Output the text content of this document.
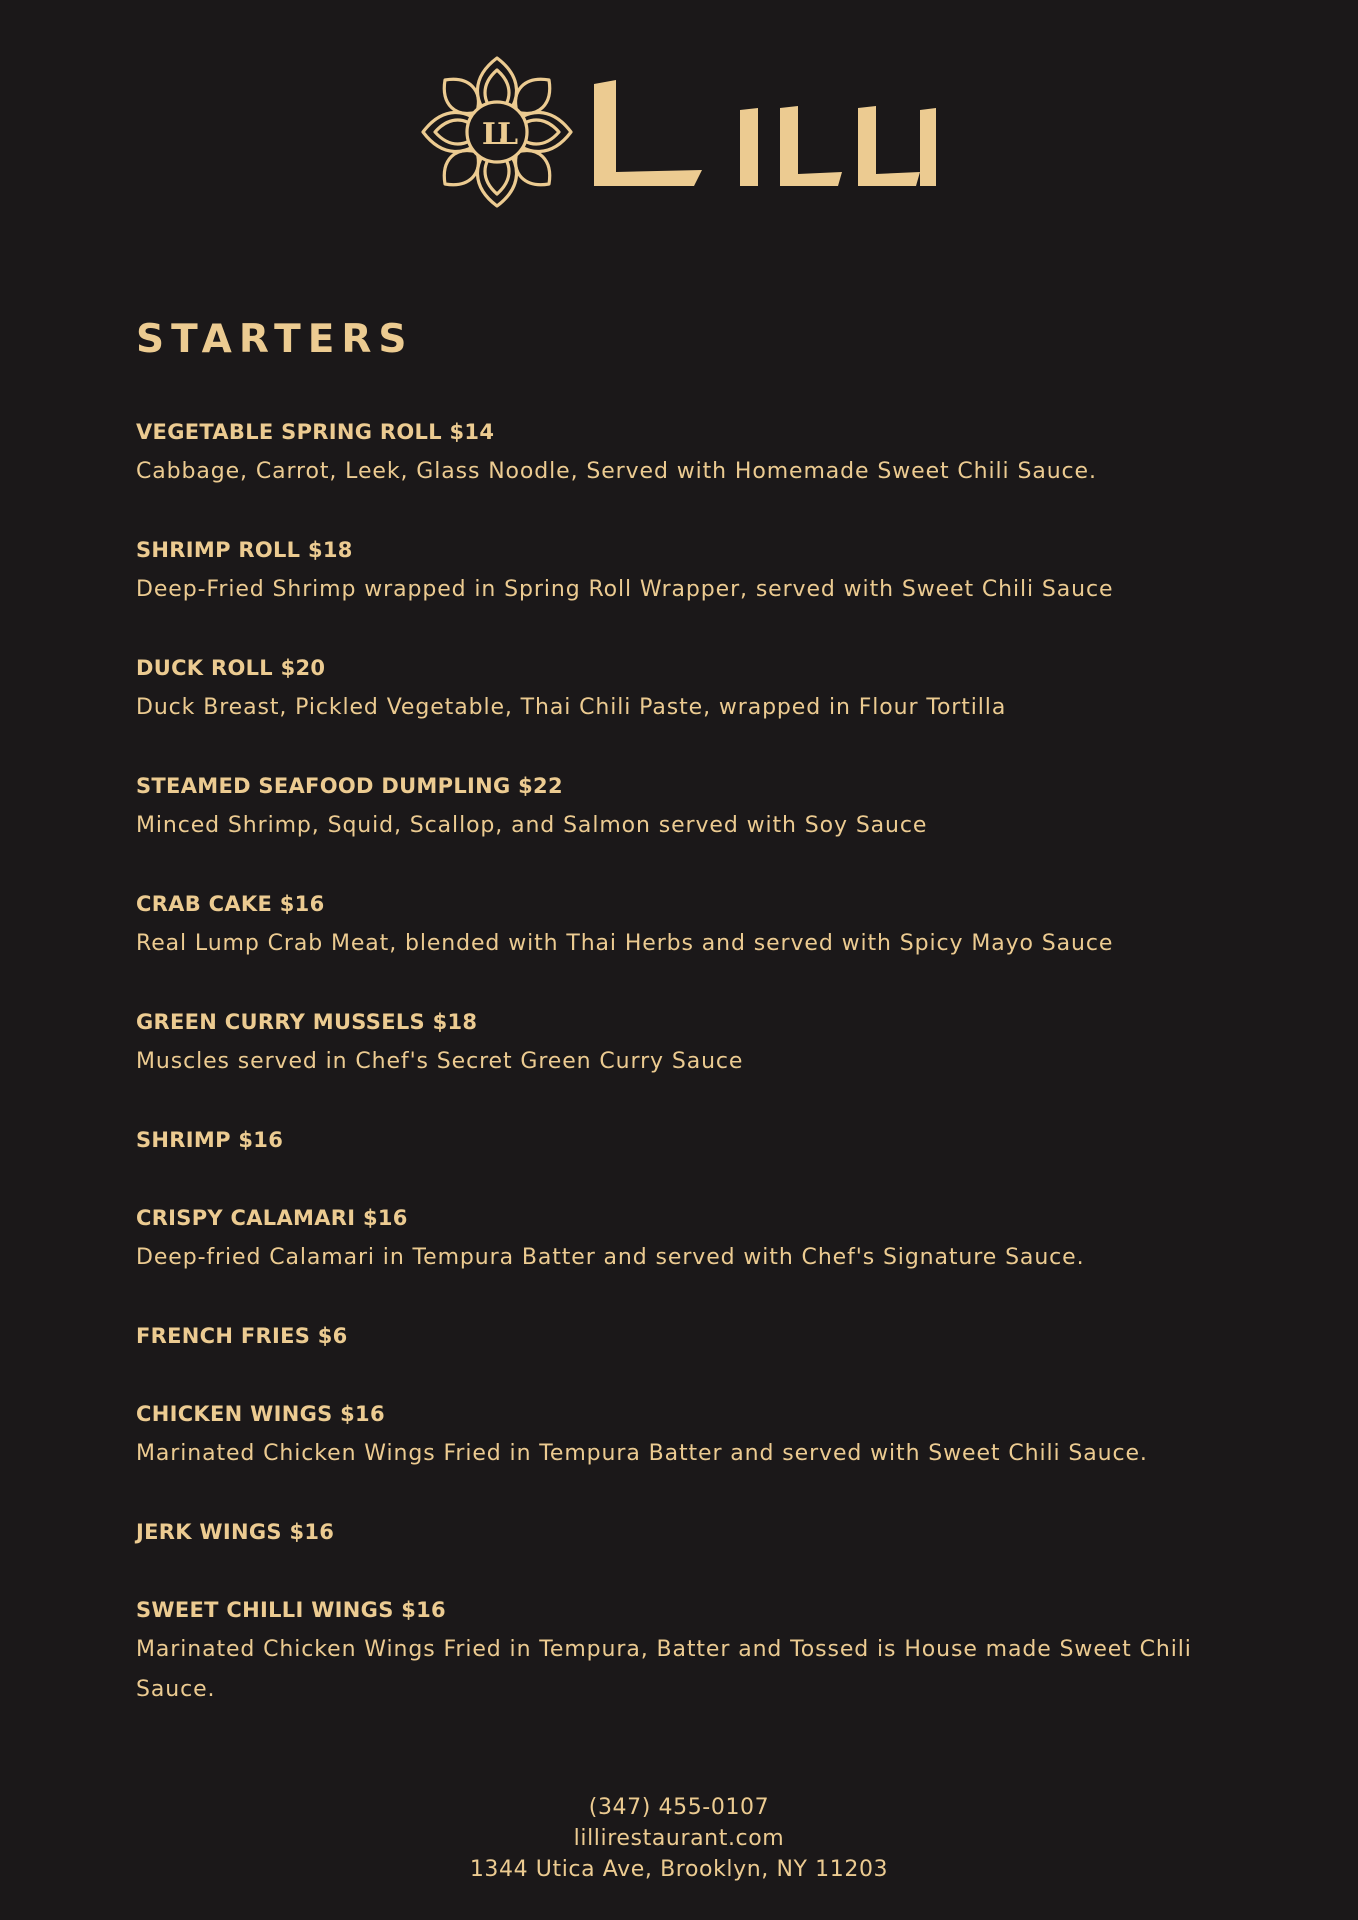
LL
STARTERS
VEGETABLE SPRING ROLL $14
Cabbage, Carrot, Leek, Glass Noodle, Served with Homemade Sweet Chili Sauce.
SHRIMP ROLL $18
Deep-Fried Shrimp wrapped in Spring Roll Wrapper, served with Sweet Chili Sauce
DUCK ROLL $20
Duck Breast, Pickled Vegetable, Thai Chili Paste, wrapped in Flour Tortilla
STEAMED SEAFOOD DUMPLING $22
Minced Shrimp, Squid, Scallop, and Salmon served with Soy Sauce
CRAB CAKE $16
Real Lump Crab Meat, blended with Thai Herbs and served with Spicy Mayo Sauce
GREEN CURRY MUSSELS $18
Muscles served in Chef's Secret Green Curry Sauce
SHRIMP $16
CRISPY CALAMARI $16
Deep-fried Calamari in Tempura Batter and served with Chef's Signature Sauce.
FRENCH FRIES $6
CHICKEN WINGS $16
Marinated Chicken Wings Fried in Tempura Batter and served with Sweet Chili Sauce.
JERK WINGS $16
SWEET CHILLI WINGS $16
Marinated Chicken Wings Fried in Tempura, Batter and Tossed is House made Sweet Chili Sauce.
(347) 455-0107
lillirestaurant.com
1344 Utica Ave, Brooklyn, NY 11203
